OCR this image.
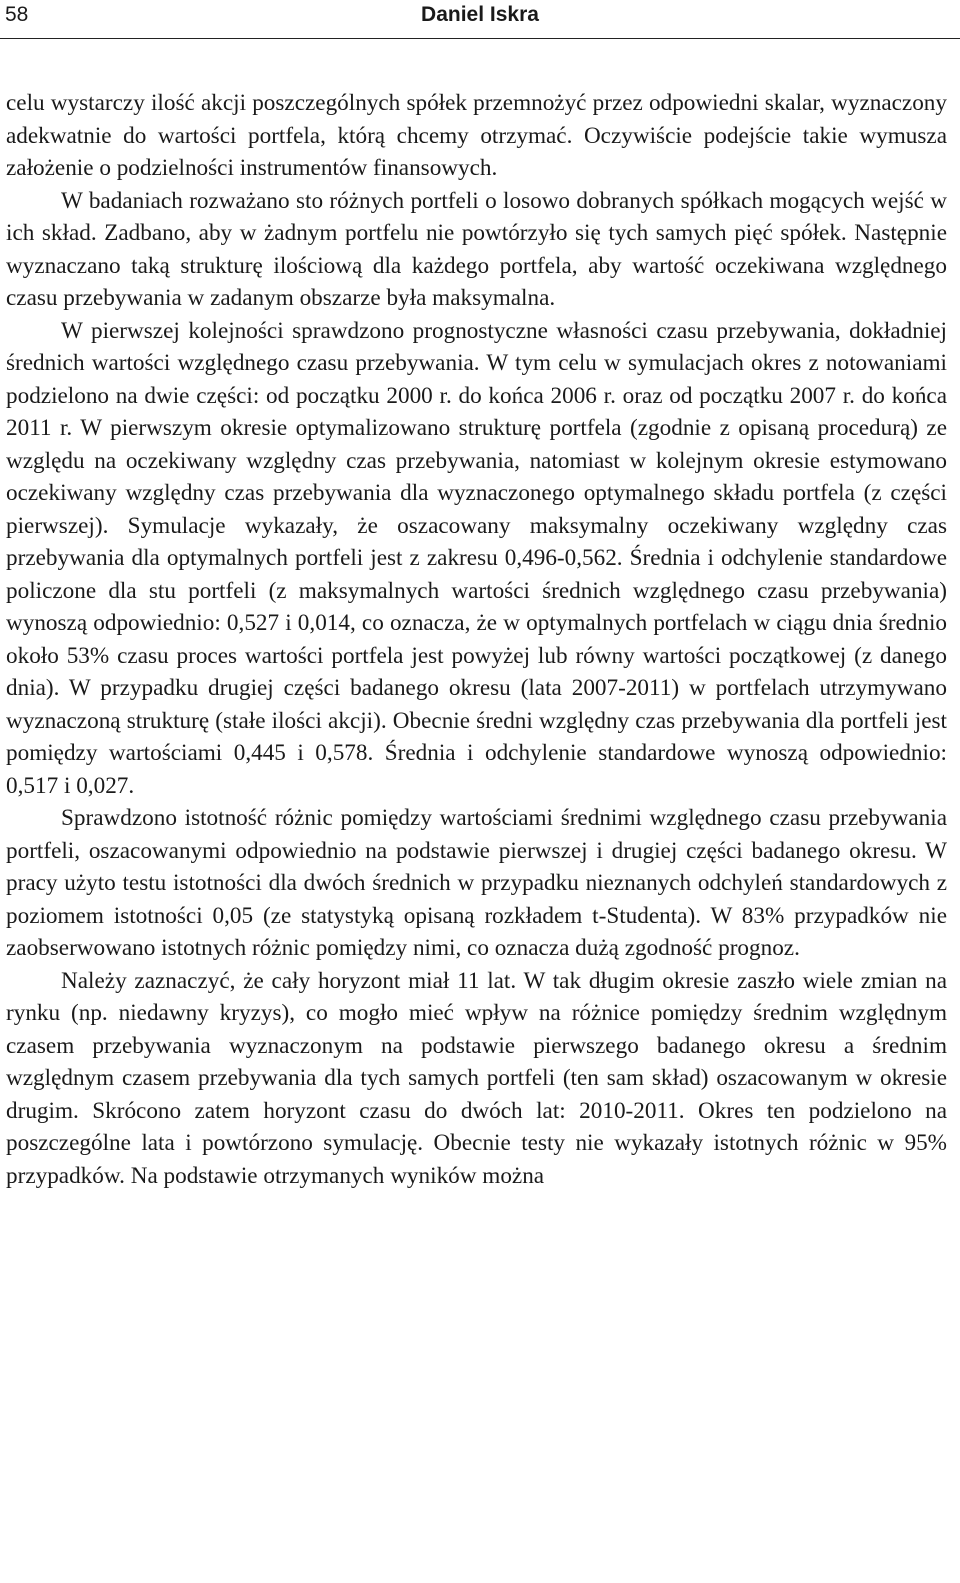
58	Daniel Iskra

celu wystarczy ilość akcji poszczególnych spółek przemnożyć przez odpowiedni skalar, wyznaczony adekwatnie do wartości portfela, którą chcemy otrzymać. Oczywiście podejście takie wymusza założenie o podzielności instrumentów finansowych.

W badaniach rozważano sto różnych portfeli o losowo dobranych spółkach mogących wejść w ich skład. Zadbano, aby w żadnym portfelu nie powtórzyło się tych samych pięć spółek. Następnie wyznaczano taką strukturę ilościową dla każdego portfela, aby wartość oczekiwana względnego czasu przebywania w zadanym obszarze była maksymalna.

W pierwszej kolejności sprawdzono prognostyczne własności czasu przebywania, dokładniej średnich wartości względnego czasu przebywania. W tym celu w symulacjach okres z notowaniami podzielono na dwie części: od początku 2000 r. do końca 2006 r. oraz od początku 2007 r. do końca 2011 r. W pierwszym okresie optymalizowano strukturę portfela (zgodnie z opisaną procedurą) ze względu na oczekiwany względny czas przebywania, natomiast w kolejnym okresie estymowano oczekiwany względny czas przebywania dla wyznaczonego optymalnego składu portfela (z części pierwszej). Symulacje wykazały, że oszacowany maksymalny oczekiwany względny czas przebywania dla optymalnych portfeli jest z zakresu 0,496-0,562. Średnia i odchylenie standardowe policzone dla stu portfeli (z maksymalnych wartości średnich względnego czasu przebywania) wynoszą odpowiednio: 0,527 i 0,014, co oznacza, że w optymalnych portfelach w ciągu dnia średnio około 53% czasu proces wartości portfela jest powyżej lub równy wartości początkowej (z danego dnia). W przypadku drugiej części badanego okresu (lata 2007-2011) w portfelach utrzymywano wyznaczoną strukturę (stałe ilości akcji). Obecnie średni względny czas przebywania dla portfeli jest pomiędzy wartościami 0,445 i 0,578. Średnia i odchylenie standardowe wynoszą odpowiednio: 0,517 i 0,027.

Sprawdzono istotność różnic pomiędzy wartościami średnimi względnego czasu przebywania portfeli, oszacowanymi odpowiednio na podstawie pierwszej i drugiej części badanego okresu. W pracy użyto testu istotności dla dwóch średnich w przypadku nieznanych odchyleń standardowych z poziomem istotności 0,05 (ze statystyką opisaną rozkładem t-Studenta). W 83% przypadków nie zaobserwowano istotnych różnic pomiędzy nimi, co oznacza dużą zgodność prognoz.

Należy zaznaczyć, że cały horyzont miał 11 lat. W tak długim okresie zaszło wiele zmian na rynku (np. niedawny kryzys), co mogło mieć wpływ na różnice pomiędzy średnim względnym czasem przebywania wyznaczonym na podstawie pierwszego badanego okresu a średnim względnym czasem przebywania dla tych samych portfeli (ten sam skład) oszacowanym w okresie drugim. Skrócono zatem horyzont czasu do dwóch lat: 2010-2011. Okres ten podzielono na poszczególne lata i powtórzono symulację. Obecnie testy nie wykazały istotnych różnic w 95% przypadków. Na podstawie otrzymanych wyników można
